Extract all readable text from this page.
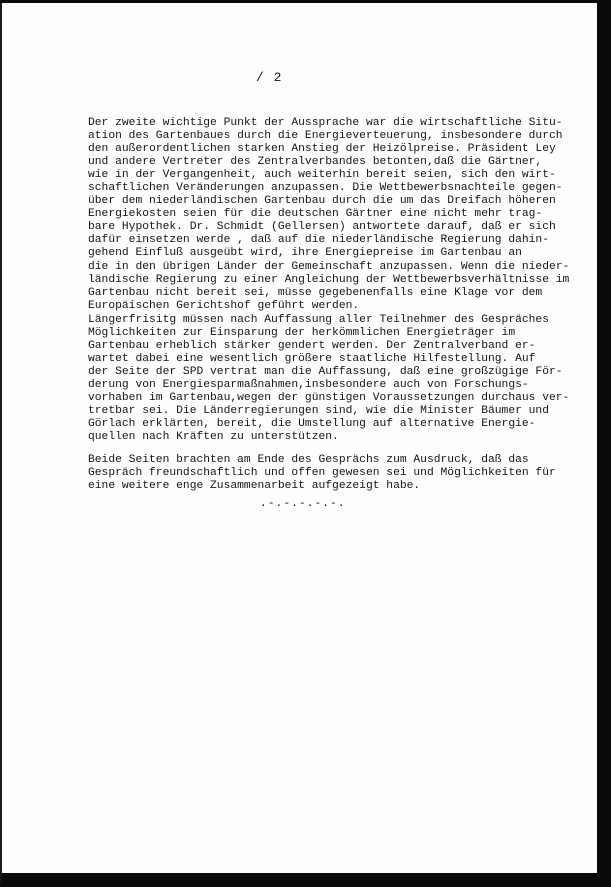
/ 2
Der zweite wichtige Punkt der Aussprache war die wirtschaftliche Situ-
ation des Gartenbaues durch die Energieverteuerung, insbesondere durch
den außerordentlichen starken Anstieg der Heizölpreise. Präsident Ley
und andere Vertreter des Zentralverbandes betonten,daß die Gärtner,
wie in der Vergangenheit, auch weiterhin bereit seien, sich den wirt-
schaftlichen Veränderungen anzupassen. Die Wettbewerbsnachteile gegen-
über dem niederländischen Gartenbau durch die um das Dreifach höheren
Energiekosten seien für die deutschen Gärtner eine nicht mehr trag-
bare Hypothek. Dr. Schmidt (Gellersen) antwortete darauf, daß er sich
dafür einsetzen werde , daß auf die niederländische Regierung dahin-
gehend Einfluß ausgeübt wird, ihre Energiepreise im Gartenbau an
die in den übrigen Länder der Gemeinschaft anzupassen. Wenn die nieder-
ländische Regierung zu einer Angleichung der Wettbewerbsverhältnisse im
Gartenbau nicht bereit sei, müsse gegebenenfalls eine Klage vor dem
Europäischen Gerichtshof geführt werden.
Längerfrisitg müssen nach Auffassung aller Teilnehmer des Gespräches
Möglichkeiten zur Einsparung der herkömmlichen Energieträger im
Gartenbau erheblich stärker gendert werden. Der Zentralverband er-
wartet dabei eine wesentlich größere staatliche Hilfestellung. Auf
der Seite der SPD vertrat man die Auffassung, daß eine großzügige För-
derung von Energiesparmaßnahmen,insbesondere auch von Forschungs-
vorhaben im Gartenbau,wegen der günstigen Voraussetzungen durchaus ver-
tretbar sei. Die Länderregierungen sind, wie die Minister Bäumer und
Görlach erklärten, bereit, die Umstellung auf alternative Energie-
quellen nach Kräften zu unterstützen.
Beide Seiten brachten am Ende des Gesprächs zum Ausdruck, daß das
Gespräch freundschaftlich und offen gewesen sei und Möglichkeiten für
eine weitere enge Zusammenarbeit aufgezeigt habe.
.-.-.-.-.-.
